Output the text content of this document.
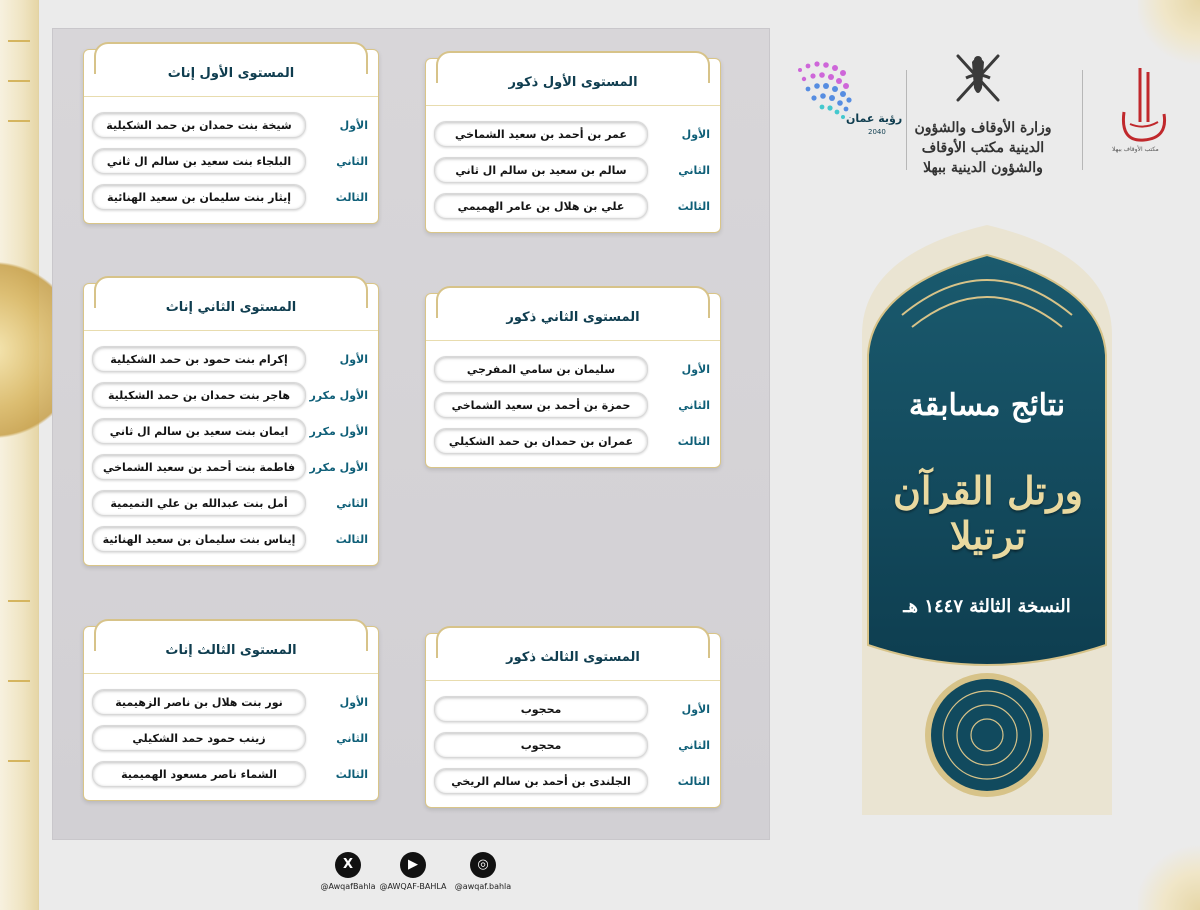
المستوى الأول ذكور
عمر بن أحمد بن سعيد الشماخي	الأول
سالم بن سعيد بن سالم ال ثاني	الثاني
علي بن هلال بن عامر الهميمي	الثالث
المستوى الأول إناث
شيخة بنت حمدان بن حمد الشكيلية	الأول
البلجاء بنت سعيد بن سالم ال ثاني	الثاني
إيثار بنت سليمان بن سعيد الهنائية	الثالث
المستوى الثاني ذكور
سليمان بن سامي المفرجي	الأول
حمزة بن أحمد بن سعيد الشماخي	الثاني
عمران بن حمدان بن حمد الشكيلي	الثالث
المستوى الثاني إناث
إكرام بنت حمود بن حمد الشكيلية	الأول
هاجر بنت حمدان بن حمد الشكيلية	الأول مكرر
ايمان بنت سعيد بن سالم ال ثاني	الأول مكرر
فاطمة بنت أحمد بن سعيد الشماخي	الأول مكرر
أمل بنت عبدالله بن علي التميمية	الثاني
إيناس بنت سليمان بن سعيد الهنائية	الثالث
المستوى الثالث ذكور
محجوب	الأول
محجوب	الثاني
الجلندى بن أحمد بن سالم الريخي	الثالث
المستوى الثالث إناث
نور بنت هلال بن ناصر الزهيمية	الأول
زينب حمود حمد الشكيلي	الثاني
الشماء ناصر مسعود الهميمية	الثالث
رؤية عمان
2040	وزارة الأوقاف والشؤون الدينية مكتب الأوقاف والشؤون الدينية ببهلا
مكتب الأوقاف ببهلا
نتائج مسابقة
ورتل القرآن ترتيلا
النسخة الثالثة ١٤٤٧ هـ
X
@AwqafBahla
▶
@AWQAF-BAHLA
◎
@awqaf.bahla
